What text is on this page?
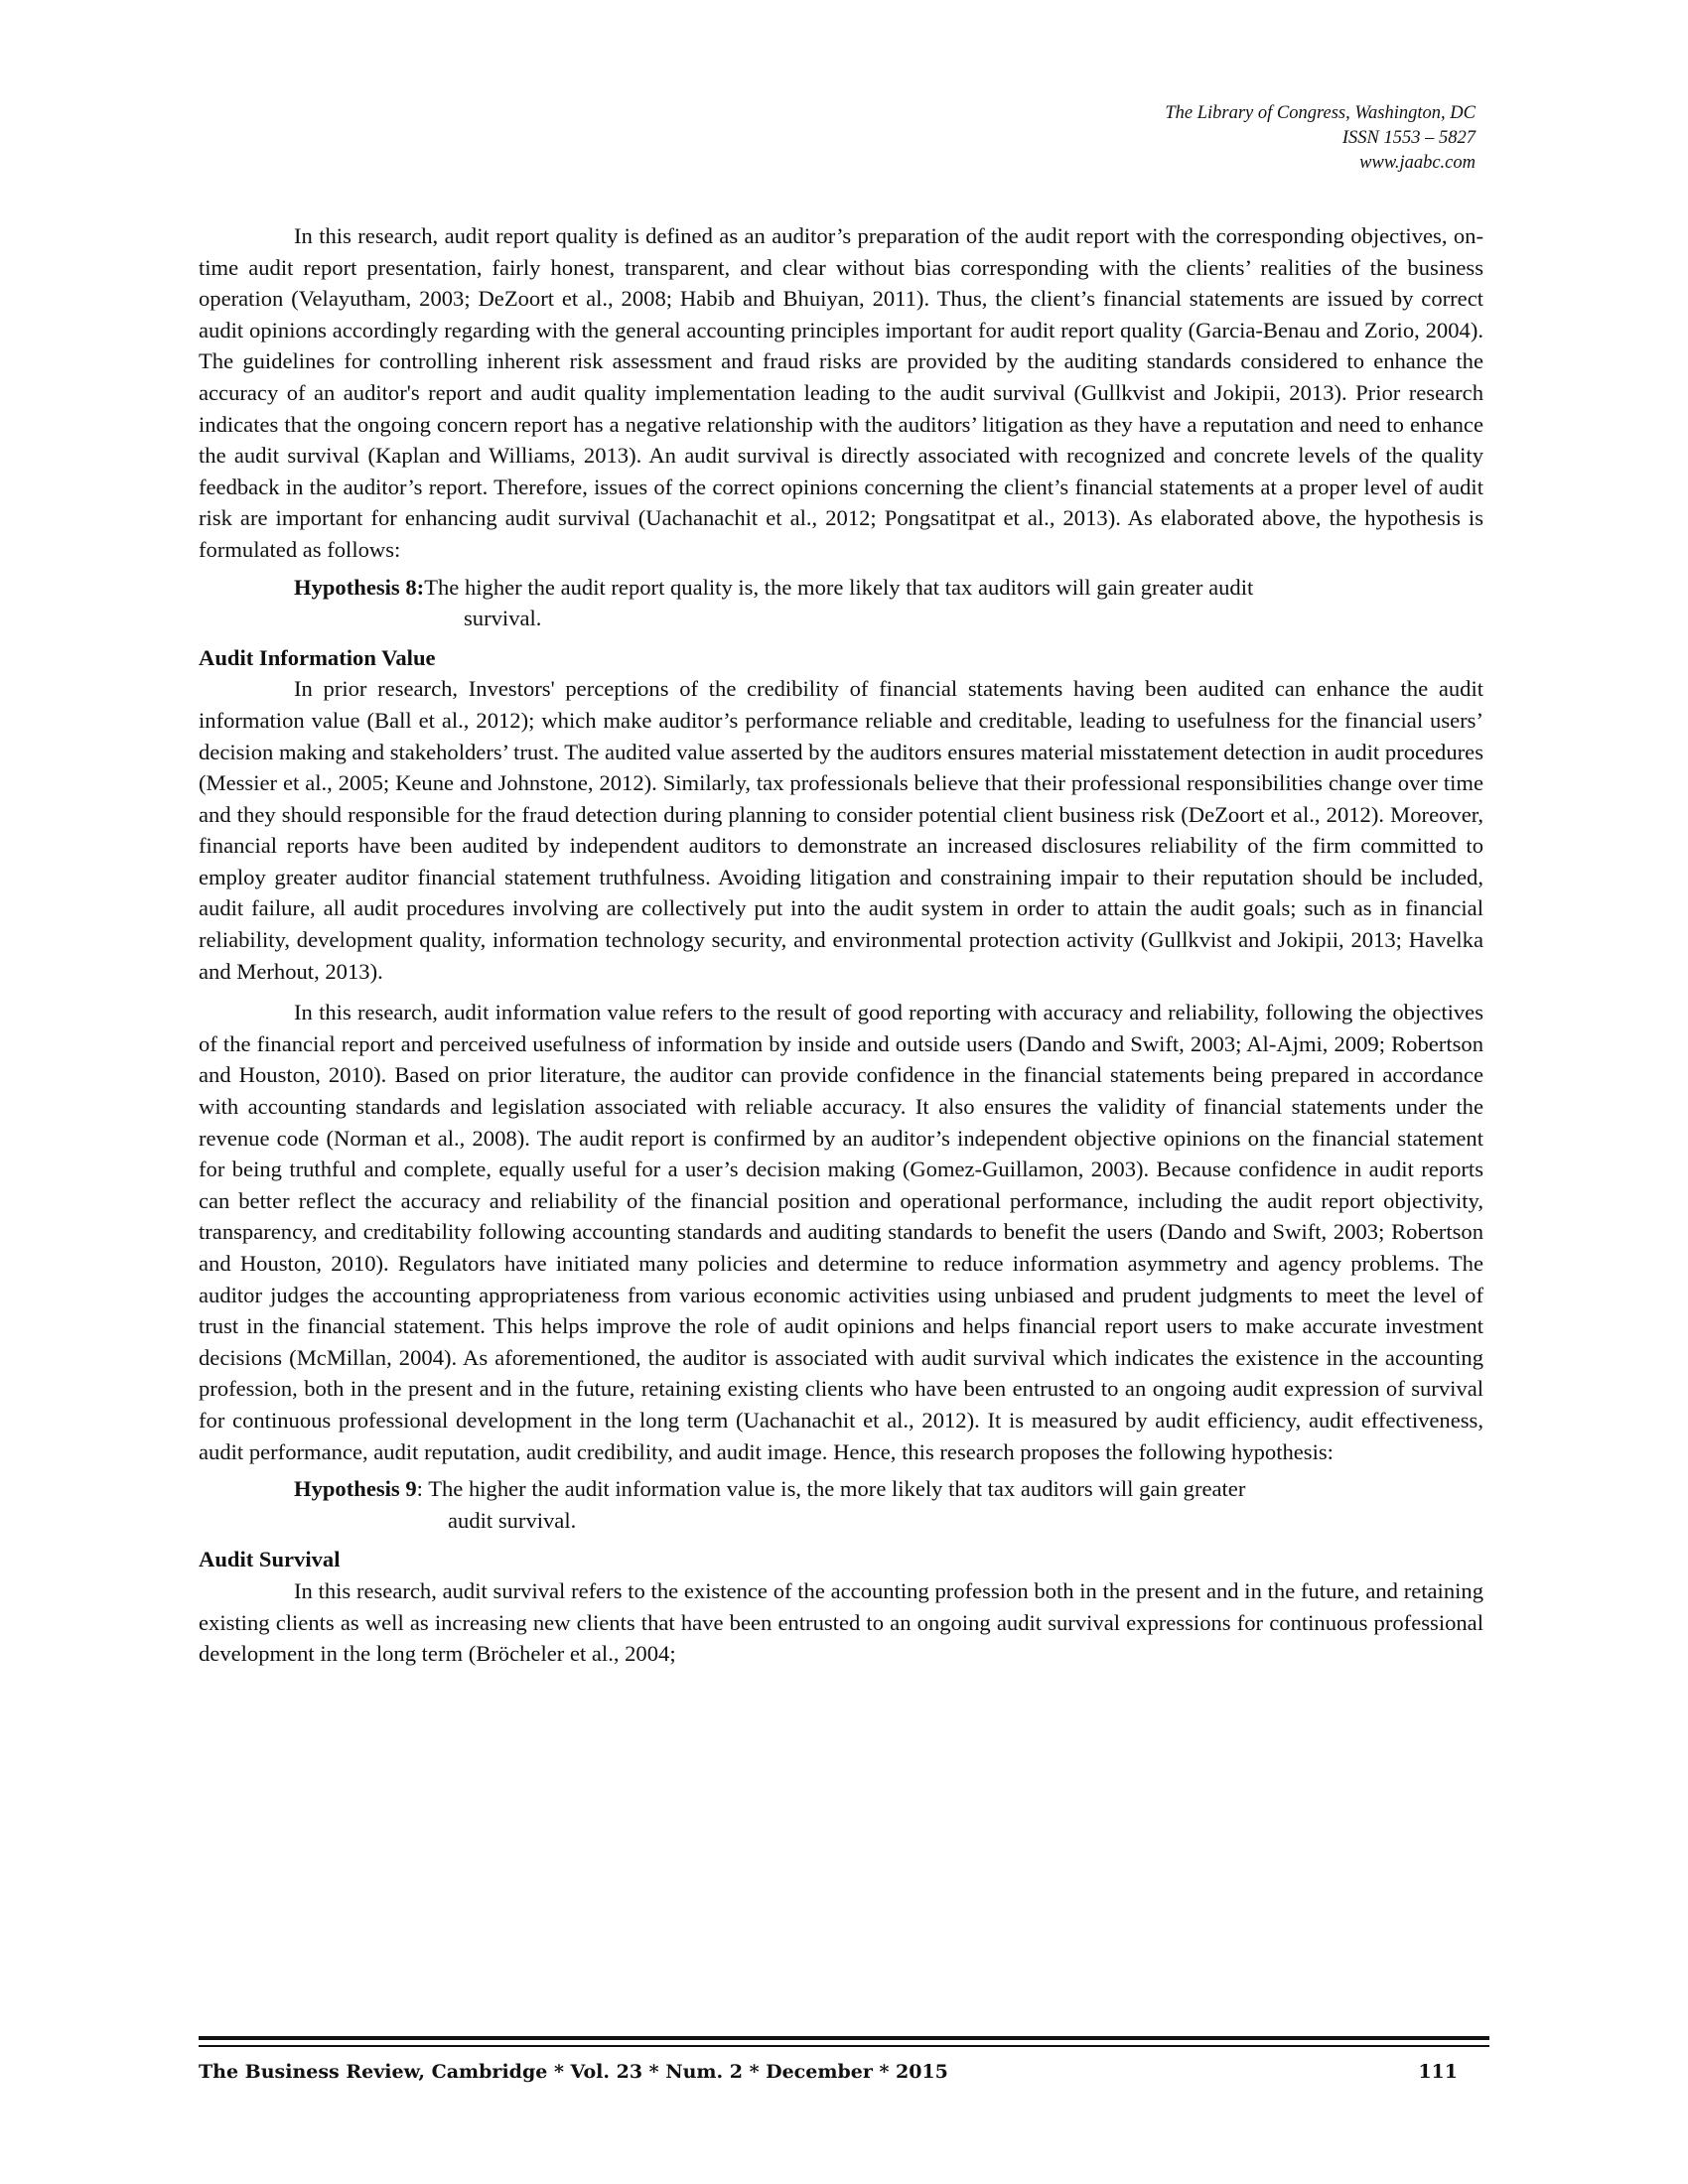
The Library of Congress, Washington, DC
ISSN 1553 – 5827
www.jaabc.com

In this research, audit report quality is defined as an auditor’s preparation of the audit report with the corresponding objectives, on-time audit report presentation, fairly honest, transparent, and clear without bias corresponding with the clients’ realities of the business operation (Velayutham, 2003; DeZoort et al., 2008; Habib and Bhuiyan, 2011). Thus, the client’s financial statements are issued by correct audit opinions accordingly regarding with the general accounting principles important for audit report quality (Garcia-Benau and Zorio, 2004). The guidelines for controlling inherent risk assessment and fraud risks are provided by the auditing standards considered to enhance the accuracy of an auditor's report and audit quality implementation leading to the audit survival (Gullkvist and Jokipii, 2013). Prior research indicates that the ongoing concern report has a negative relationship with the auditors’ litigation as they have a reputation and need to enhance the audit survival (Kaplan and Williams, 2013). An audit survival is directly associated with recognized and concrete levels of the quality feedback in the auditor’s report. Therefore, issues of the correct opinions concerning the client’s financial statements at a proper level of audit risk are important for enhancing audit survival (Uachanachit et al., 2012; Pongsatitpat et al., 2013). As elaborated above, the hypothesis is formulated as follows:

Hypothesis 8: The higher the audit report quality is, the more likely that tax auditors will gain greater audit
survival.
Audit Information Value

In prior research, Investors' perceptions of the credibility of financial statements having been audited can enhance the audit information value (Ball et al., 2012); which make auditor’s performance reliable and creditable, leading to usefulness for the financial users’ decision making and stakeholders’ trust. The audited value asserted by the auditors ensures material misstatement detection in audit procedures (Messier et al., 2005; Keune and Johnstone, 2012). Similarly, tax professionals believe that their professional responsibilities change over time and they should responsible for the fraud detection during planning to consider potential client business risk (DeZoort et al., 2012). Moreover, financial reports have been audited by independent auditors to demonstrate an increased disclosures reliability of the firm committed to employ greater auditor financial statement truthfulness. Avoiding litigation and constraining impair to their reputation should be included, audit failure, all audit procedures involving are collectively put into the audit system in order to attain the audit goals; such as in financial reliability, development quality, information technology security, and environmental protection activity (Gullkvist and Jokipii, 2013; Havelka and Merhout, 2013).

In this research, audit information value refers to the result of good reporting with accuracy and reliability, following the objectives of the financial report and perceived usefulness of information by inside and outside users (Dando and Swift, 2003; Al-Ajmi, 2009; Robertson and Houston, 2010). Based on prior literature, the auditor can provide confidence in the financial statements being prepared in accordance with accounting standards and legislation associated with reliable accuracy. It also ensures the validity of financial statements under the revenue code (Norman et al., 2008). The audit report is confirmed by an auditor’s independent objective opinions on the financial statement for being truthful and complete, equally useful for a user’s decision making (Gomez-Guillamon, 2003). Because confidence in audit reports can better reflect the accuracy and reliability of the financial position and operational performance, including the audit report objectivity, transparency, and creditability following accounting standards and auditing standards to benefit the users (Dando and Swift, 2003; Robertson and Houston, 2010). Regulators have initiated many policies and determine to reduce information asymmetry and agency problems. The auditor judges the accounting appropriateness from various economic activities using unbiased and prudent judgments to meet the level of trust in the financial statement. This helps improve the role of audit opinions and helps financial report users to make accurate investment decisions (McMillan, 2004). As aforementioned, the auditor is associated with audit survival which indicates the existence in the accounting profession, both in the present and in the future, retaining existing clients who have been entrusted to an ongoing audit expression of survival for continuous professional development in the long term (Uachanachit et al., 2012). It is measured by audit efficiency, audit effectiveness, audit performance, audit reputation, audit credibility, and audit image. Hence, this research proposes the following hypothesis:

Hypothesis 9 : The higher the audit information value is, the more likely that tax auditors will gain greater
audit survival.
Audit Survival

In this research, audit survival refers to the existence of the accounting profession both in the present and in the future, and retaining existing clients as well as increasing new clients that have been entrusted to an ongoing audit survival expressions for continuous professional development in the long term (Bröcheler et al., 2004;

The Business Review, Cambridge * Vol. 23 * Num. 2 * December * 2015	111
